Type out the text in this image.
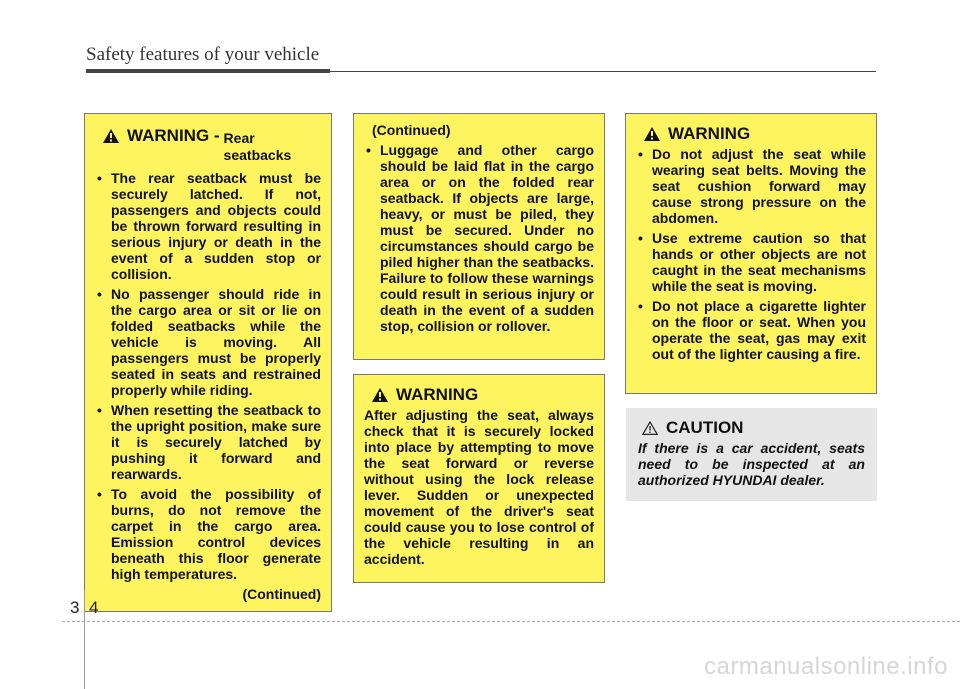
Safety features of your vehicle
WARNING - Rear
seatbacks
• The rear seatback must be securely latched. If not, passengers and objects could be thrown forward resulting in serious injury or death in the event of a sudden stop or collision.
• No passenger should ride in the cargo area or sit or lie on folded seatbacks while the vehicle is moving. All passengers must be properly seated in seats and restrained properly while riding.
• When resetting the seatback to the upright position, make sure it is securely latched by pushing it forward and rearwards.
• To avoid the possibility of burns, do not remove the carpet in the cargo area. Emission control devices beneath this floor generate high temperatures.
(Continued)
(Continued)
• Luggage and other cargo should be laid flat in the cargo area or on the folded rear seatback. If objects are large, heavy, or must be piled, they must be secured. Under no circumstances should cargo be piled higher than the seatbacks. Failure to follow these warnings could result in serious injury or death in the event of a sudden stop, collision or rollover.
WARNING
After adjusting the seat, always check that it is securely locked into place by attempting to move the seat forward or reverse without using the lock release lever. Sudden or unexpected movement of the driver's seat could cause you to lose control of the vehicle resulting in an accident.
WARNING
• Do not adjust the seat while wearing seat belts. Moving the seat cushion forward may cause strong pressure on the abdomen.
• Use extreme caution so that hands or other objects are not caught in the seat mechanisms while the seat is moving.
• Do not place a cigarette lighter on the floor or seat. When you operate the seat, gas may exit out of the lighter causing a fire.
CAUTION
If there is a car accident, seats need to be inspected at an authorized HYUNDAI dealer.
3 4
carmanualsonline.info
